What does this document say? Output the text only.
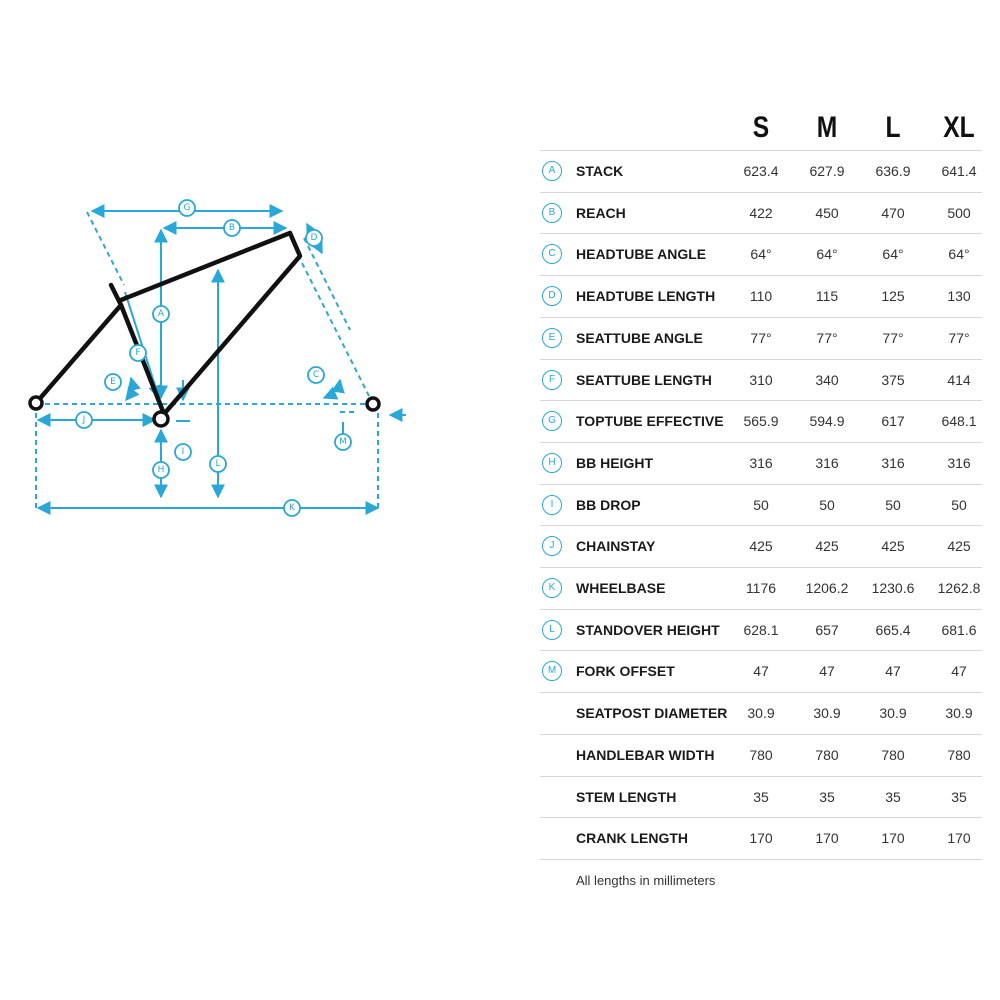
G
B
D
A
F
E
C
J
I
H
L
M
K
S	M	L	XL
A	STACK	623.4	627.9	636.9	641.4
B	REACH	422	450	470	500
C	HEADTUBE ANGLE	64°	64°	64°	64°
D	HEADTUBE LENGTH	110	115	125	130
E	SEATTUBE ANGLE	77°	77°	77°	77°
F	SEATTUBE LENGTH	310	340	375	414
G	TOPTUBE EFFECTIVE	565.9	594.9	617	648.1
H	BB HEIGHT	316	316	316	316
I	BB DROP	50	50	50	50
J	CHAINSTAY	425	425	425	425
K	WHEELBASE	1176	1206.2	1230.6	1262.8
L	STANDOVER HEIGHT	628.1	657	665.4	681.6
M	FORK OFFSET	47	47	47	47
SEATPOST DIAMETER	30.9	30.9	30.9	30.9
HANDLEBAR WIDTH	780	780	780	780
STEM LENGTH	35	35	35	35
CRANK LENGTH	170	170	170	170
All lengths in millimeters
